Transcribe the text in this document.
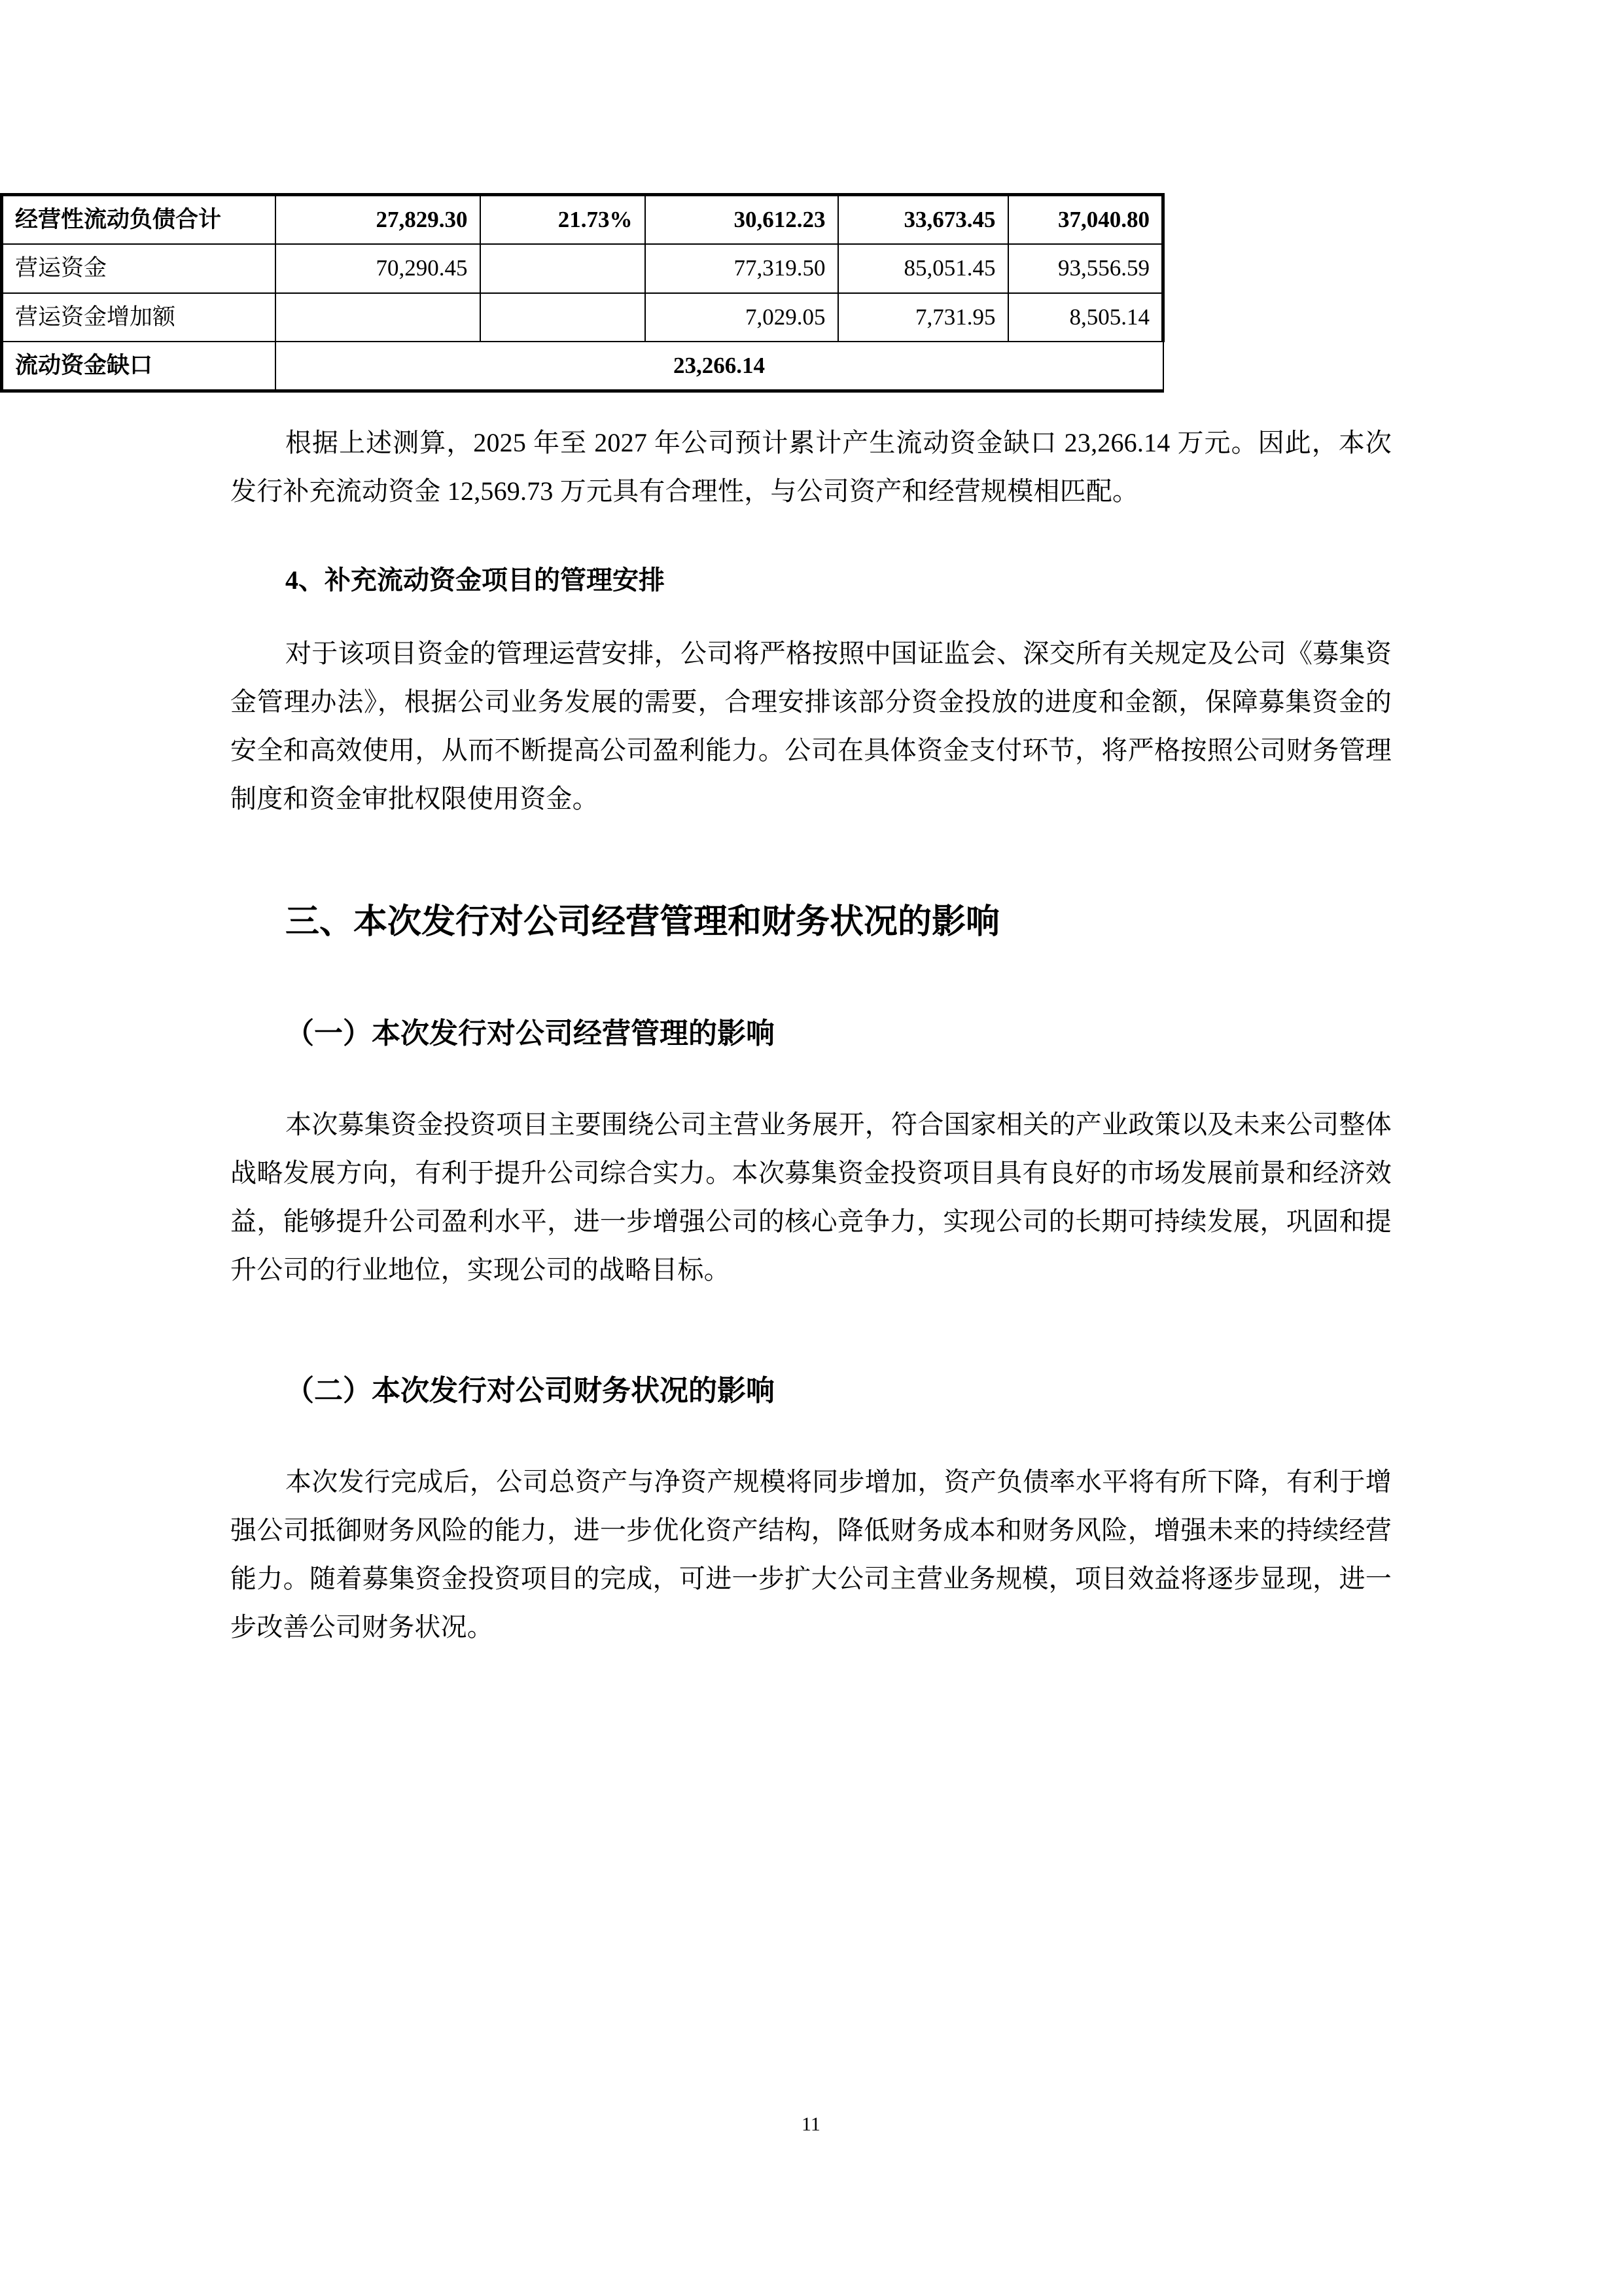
经营性流动负债合计	27,829.30	21.73%	30,612.23	33,673.45	37,040.80
营运资金	70,290.45		77,319.50	85,051.45	93,556.59
营运资金增加额			7,029.05	7,731.95	8,505.14
流动资金缺口	23,266.14				

根据上述测算，2025 年至 2027 年公司预计累计产生流动资金缺口 23,266.14 万元。因此，本次发行补充流动资金 12,569.73 万元具有合理性，与公司资产和经营规模相匹配。

4、补充流动资金项目的管理安排

对于该项目资金的管理运营安排，公司将严格按照中国证监会、深交所有关规定及公司《募集资金管理办法》，根据公司业务发展的需要，合理安排该部分资金投放的进度和金额，保障募集资金的安全和高效使用，从而不断提高公司盈利能力。公司在具体资金支付环节，将严格按照公司财务管理制度和资金审批权限使用资金。

三、本次发行对公司经营管理和财务状况的影响

（一）本次发行对公司经营管理的影响

本次募集资金投资项目主要围绕公司主营业务展开，符合国家相关的产业政策以及未来公司整体战略发展方向，有利于提升公司综合实力。本次募集资金投资项目具有良好的市场发展前景和经济效益，能够提升公司盈利水平，进一步增强公司的核心竞争力，实现公司的长期可持续发展，巩固和提升公司的行业地位，实现公司的战略目标。

（二）本次发行对公司财务状况的影响

本次发行完成后，公司总资产与净资产规模将同步增加，资产负债率水平将有所下降，有利于增强公司抵御财务风险的能力，进一步优化资产结构，降低财务成本和财务风险，增强未来的持续经营能力。随着募集资金投资项目的完成，可进一步扩大公司主营业务规模，项目效益将逐步显现，进一步改善公司财务状况。

11
